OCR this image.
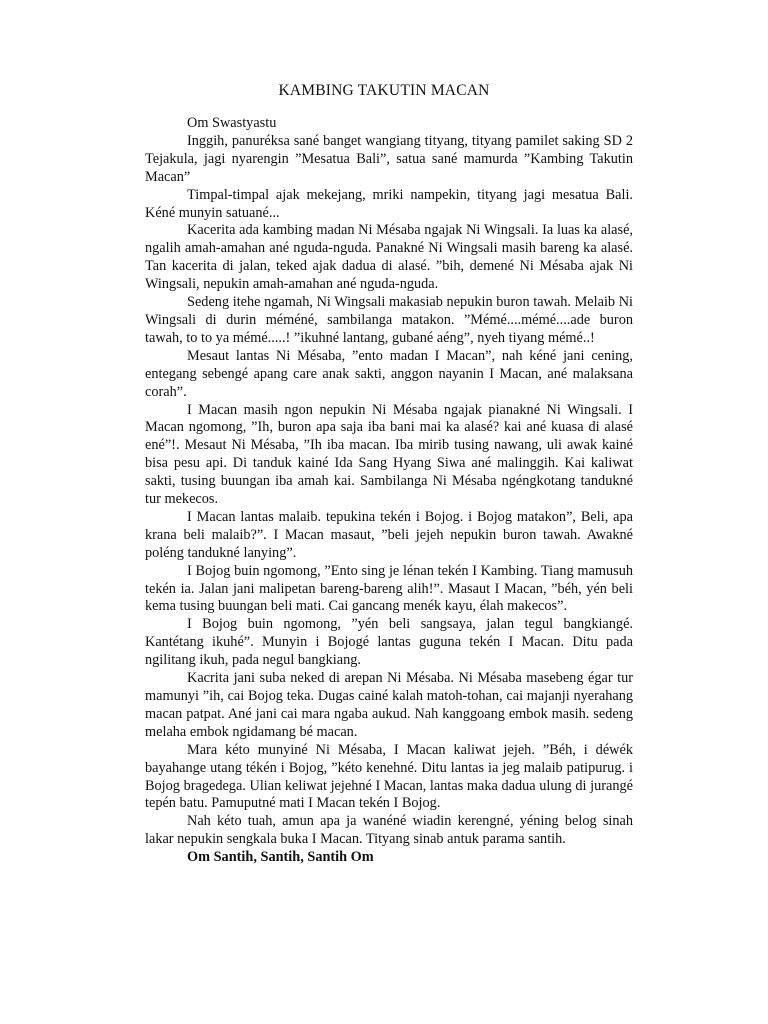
KAMBING TAKUTIN MACAN

Om Swastyastu

Inggih, panuréksa sané banget wangiang tityang, tityang pamilet saking SD 2 Tejakula, jagi nyarengin ”Mesatua Bali”, satua sané mamurda ”Kambing Takutin Macan”

Timpal-timpal ajak mekejang, mriki nampekin, tityang jagi mesatua Bali. Kéné munyin satuané...

Kacerita ada kambing madan Ni Mésaba ngajak Ni Wingsali. Ia luas ka alasé, ngalih amah-amahan ané nguda-nguda. Panakné Ni Wingsali masih bareng ka alasé. Tan kacerita di jalan, teked ajak dadua di alasé. ”bih, demené Ni Mésaba ajak Ni Wingsali, nepukin amah-amahan ané nguda-nguda.

Sedeng itehe ngamah, Ni Wingsali makasiab nepukin buron tawah. Melaib Ni Wingsali di durin méméné, sambilanga matakon. ”Mémé....mémé....ade buron tawah, to to ya mémé.....! ”ikuhné lantang, gubané aéng”, nyeh tiyang mémé..!

Mesaut lantas Ni Mésaba, ”ento madan I Macan”, nah kéné jani cening, entegang sebengé apang care anak sakti, anggon nayanin I Macan, ané malaksana corah”.

I Macan masih ngon nepukin Ni Mésaba ngajak pianakné Ni Wingsali. I Macan ngomong, ”Ih, buron apa saja iba bani mai ka alasé? kai ané kuasa di alasé ené”!. Mesaut Ni Mésaba, ”Ih iba macan. Iba mirib tusing nawang, uli awak kainé bisa pesu api. Di tanduk kainé Ida Sang Hyang Siwa ané malinggih. Kai kaliwat sakti, tusing buungan iba amah kai. Sambilanga Ni Mésaba ngéngkotang tandukné tur mekecos.

I Macan lantas malaib. tepukina tekén i Bojog. i Bojog matakon”, Beli, apa krana beli malaib?”. I Macan masaut, ”beli jejeh nepukin buron tawah. Awakné poléng tandukné lanying”.

I Bojog buin ngomong, ”Ento sing je lénan tekén I Kambing. Tiang mamusuh tekén ia. Jalan jani malipetan bareng-bareng alih!”. Masaut I Macan, ”béh, yén beli kema tusing buungan beli mati. Cai gancang menék kayu, élah makecos”.

I Bojog buin ngomong, ”yén beli sangsaya, jalan tegul bangkiangé. Kantétang ikuhé”. Munyin i Bojogé lantas guguna tekén I Macan. Ditu pada ngilitang ikuh, pada negul bangkiang.

Kacrita jani suba neked di arepan Ni Mésaba. Ni Mésaba masebeng égar tur mamunyi ”ih, cai Bojog teka. Dugas cainé kalah matoh-tohan, cai majanji nyerahang macan patpat. Ané jani cai mara ngaba aukud. Nah kanggoang embok masih. sedeng melaha embok ngidamang bé macan.

Mara kéto munyiné Ni Mésaba, I Macan kaliwat jejeh. ”Béh, i déwék bayahange utang tékén i Bojog, ”kéto kenehné. Ditu lantas ia jeg malaib patipurug. i Bojog bragedega. Ulian keliwat jejehné I Macan, lantas maka dadua ulung di jurangé tepén batu. Pamuputné mati I Macan tekén I Bojog.

Nah kéto tuah, amun apa ja wanéné wiadin kerengné, yéning belog sinah lakar nepukin sengkala buka I Macan. Tityang sinab antuk parama santih.

Om Santih, Santih, Santih Om
